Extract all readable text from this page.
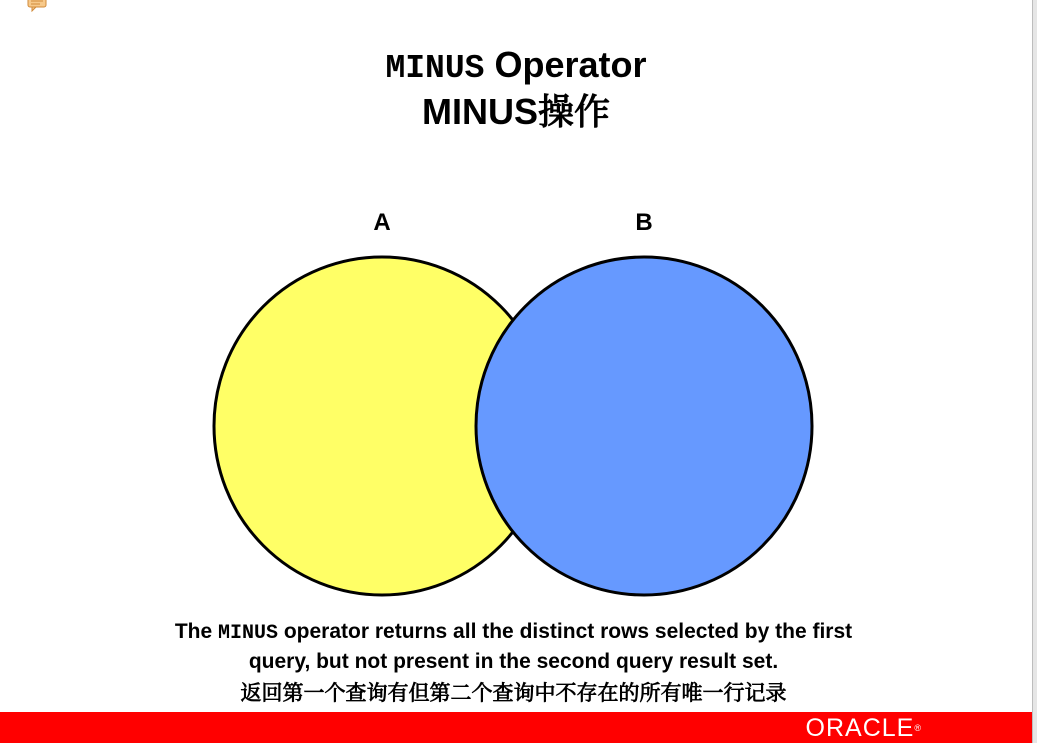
MINUS Operator
MINUS操作
A	B
The MINUS operator returns all the distinct rows selected by the first
query, but not present in the second query result set.
返回第一个查询有但第二个查询中不存在的所有唯一行记录
ORACLE®
